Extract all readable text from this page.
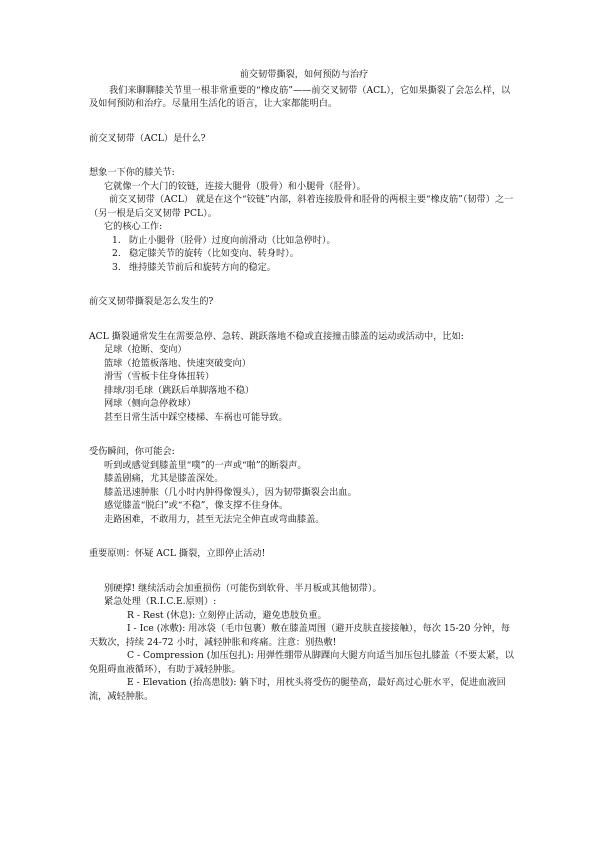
前交韧带撕裂，如何预防与治疗

我们来聊聊膝关节里一根非常重要的“橡皮筋”——前交叉韧带（ACL），它如果撕裂了会怎么样，以及如何预防和治疗。尽量用生活化的语言，让大家都能明白。

前交叉韧带（ACL）是什么?

想象一下你的膝关节:

它就像一个大门的铰链，连接大腿骨（股骨）和小腿骨（胫骨）。

前交叉韧带（ACL） 就是在这个“铰链”内部，斜着连接股骨和胫骨的两根主要“橡皮筋”（韧带）之一（另一根是后交叉韧带 PCL）。

它的核心工作:

1. 防止小腿骨（胫骨）过度向前滑动（比如急停时）。
2. 稳定膝关节的旋转（比如变向、转身时）。
3. 维持膝关节前后和旋转方向的稳定。

前交叉韧带撕裂是怎么发生的?

ACL 撕裂通常发生在需要急停、急转、跳跃落地不稳或直接撞击膝盖的运动或活动中，比如:

足球（抢断、变向）

篮球（抢篮板落地、快速突破变向）

滑雪（雪板卡住身体扭转）

排球/羽毛球（跳跃后单脚落地不稳）

网球（侧向急停救球）

甚至日常生活中踩空楼梯、车祸也可能导致。

受伤瞬间，你可能会:

听到或感觉到膝盖里“噗”的一声或“啪”的断裂声。

膝盖剧痛，尤其是膝盖深处。

膝盖迅速肿胀（几小时内肿得像馒头），因为韧带撕裂会出血。

感觉膝盖“脱臼”或“不稳”，像支撑不住身体。

走路困难，不敢用力，甚至无法完全伸直或弯曲膝盖。

重要原则：怀疑 ACL 撕裂，立即停止活动!

别硬撑! 继续活动会加重损伤（可能伤到软骨、半月板或其他韧带）。

紧急处理（R.I.C.E.原则）:

R - Rest (休息): 立刻停止活动，避免患肢负重。

I - Ice (冰敷): 用冰袋（毛巾包裹）敷在膝盖周围（避开皮肤直接接触），每次 15-20 分钟，每天数次，持续 24-72 小时，减轻肿胀和疼痛。注意：别热敷!

C - Compression (加压包扎): 用弹性绷带从脚踝向大腿方向适当加压包扎膝盖（不要太紧，以免阻碍血液循环），有助于减轻肿胀。

E - Elevation (抬高患肢): 躺下时，用枕头将受伤的腿垫高，最好高过心脏水平，促进血液回流，减轻肿胀。
